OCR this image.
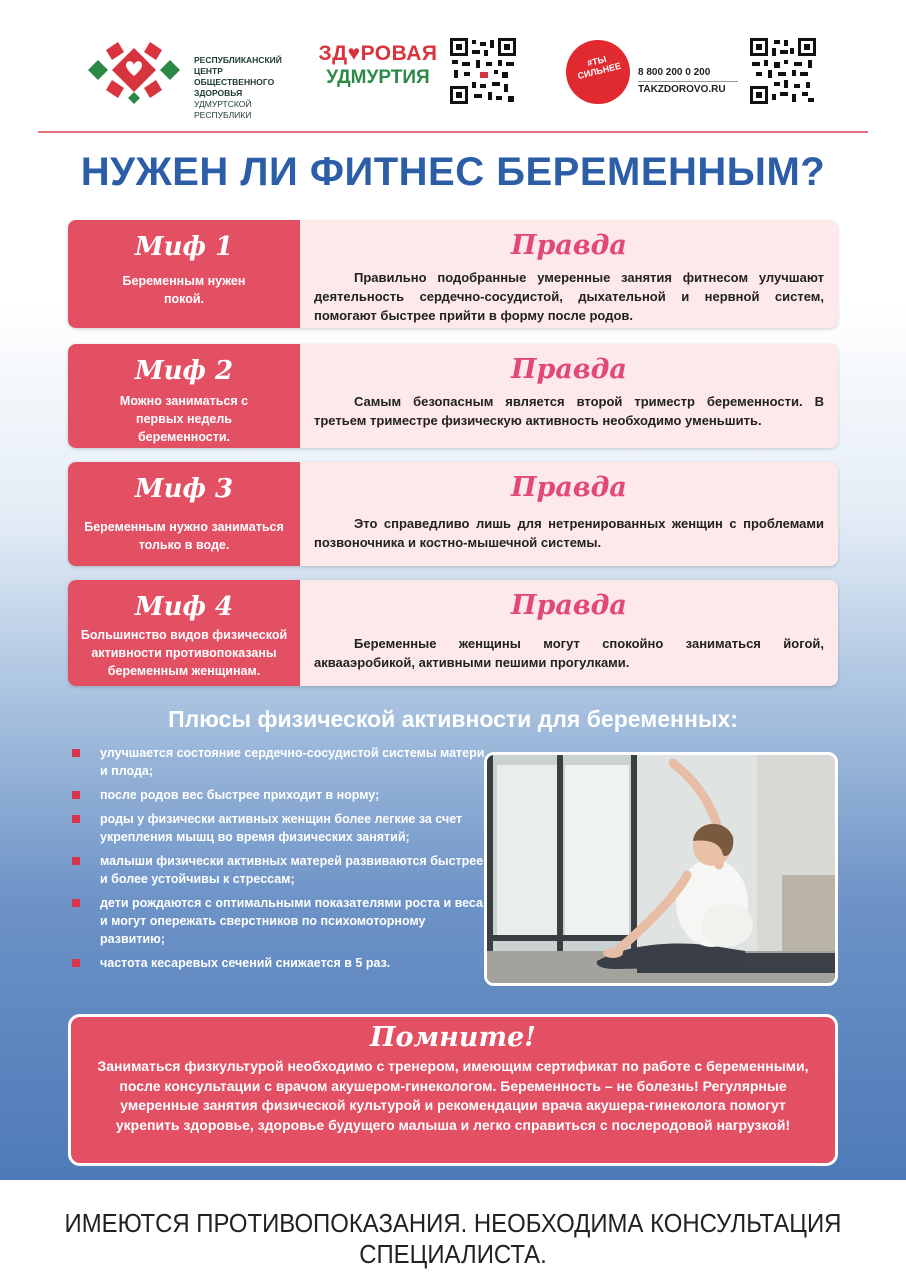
РЕСПУБЛИКАНСКИЙ ЦЕНТР
ОБЩЕСТВЕННОГО ЗДОРОВЬЯ
УДМУРТСКОЙ РЕСПУБЛИКИ
ЗД♥РОВАЯ
УДМУРТИЯ
#ТЫ СИЛЬНЕЕ	8 800 200 0 200
TAKZDOROVO.RU
НУЖЕН ЛИ ФИТНЕС БЕРЕМЕННЫМ?
Миф 1
Беременным нужен покой.
Правда
Правильно подобранные умеренные занятия фитнесом улучшают деятельность сердечно-сосудистой, дыхательной и нервной систем, помогают быстрее прийти в форму после родов.
Миф 2
Можно заниматься с первых недель беременности.
Правда
Самым безопасным является второй триместр беременности. В третьем триместре физическую активность необходимо уменьшить.
Миф 3
Беременным нужно заниматься только в воде.
Правда
Это справедливо лишь для нетренированных женщин с проблемами позвоночника и костно-мышечной системы.
Миф 4
Большинство видов физической активности противопоказаны беременным женщинам.
Правда
Беременные женщины могут спокойно заниматься йогой, аквааэробикой, активными пешими прогулками.
Плюсы физической активности для беременных:
улучшается состояние сердечно-сосудистой системы матери и плода;
после родов вес быстрее приходит в норму;
роды у физически активных женщин более легкие за счет укрепления мышц во время физических занятий;
малыши физически активных матерей развиваются быстрее и более устойчивы к стрессам;
дети рождаются с оптимальными показателями роста и веса и могут опережать сверстников по психомоторному развитию;
частота кесаревых сечений снижается в 5 раз.
Помните!
Заниматься физкультурой необходимо с тренером, имеющим сертификат по работе с беременными, после консультации с врачом акушером-гинекологом. Беременность – не болезнь! Регулярные умеренные занятия физической культурой и рекомендации врача акушера-гинеколога помогут укрепить здоровье, здоровье будущего малыша и легко справиться с послеродовой нагрузкой!
ИМЕЮТСЯ ПРОТИВОПОКАЗАНИЯ. НЕОБХОДИМА КОНСУЛЬТАЦИЯ СПЕЦИАЛИСТА.
